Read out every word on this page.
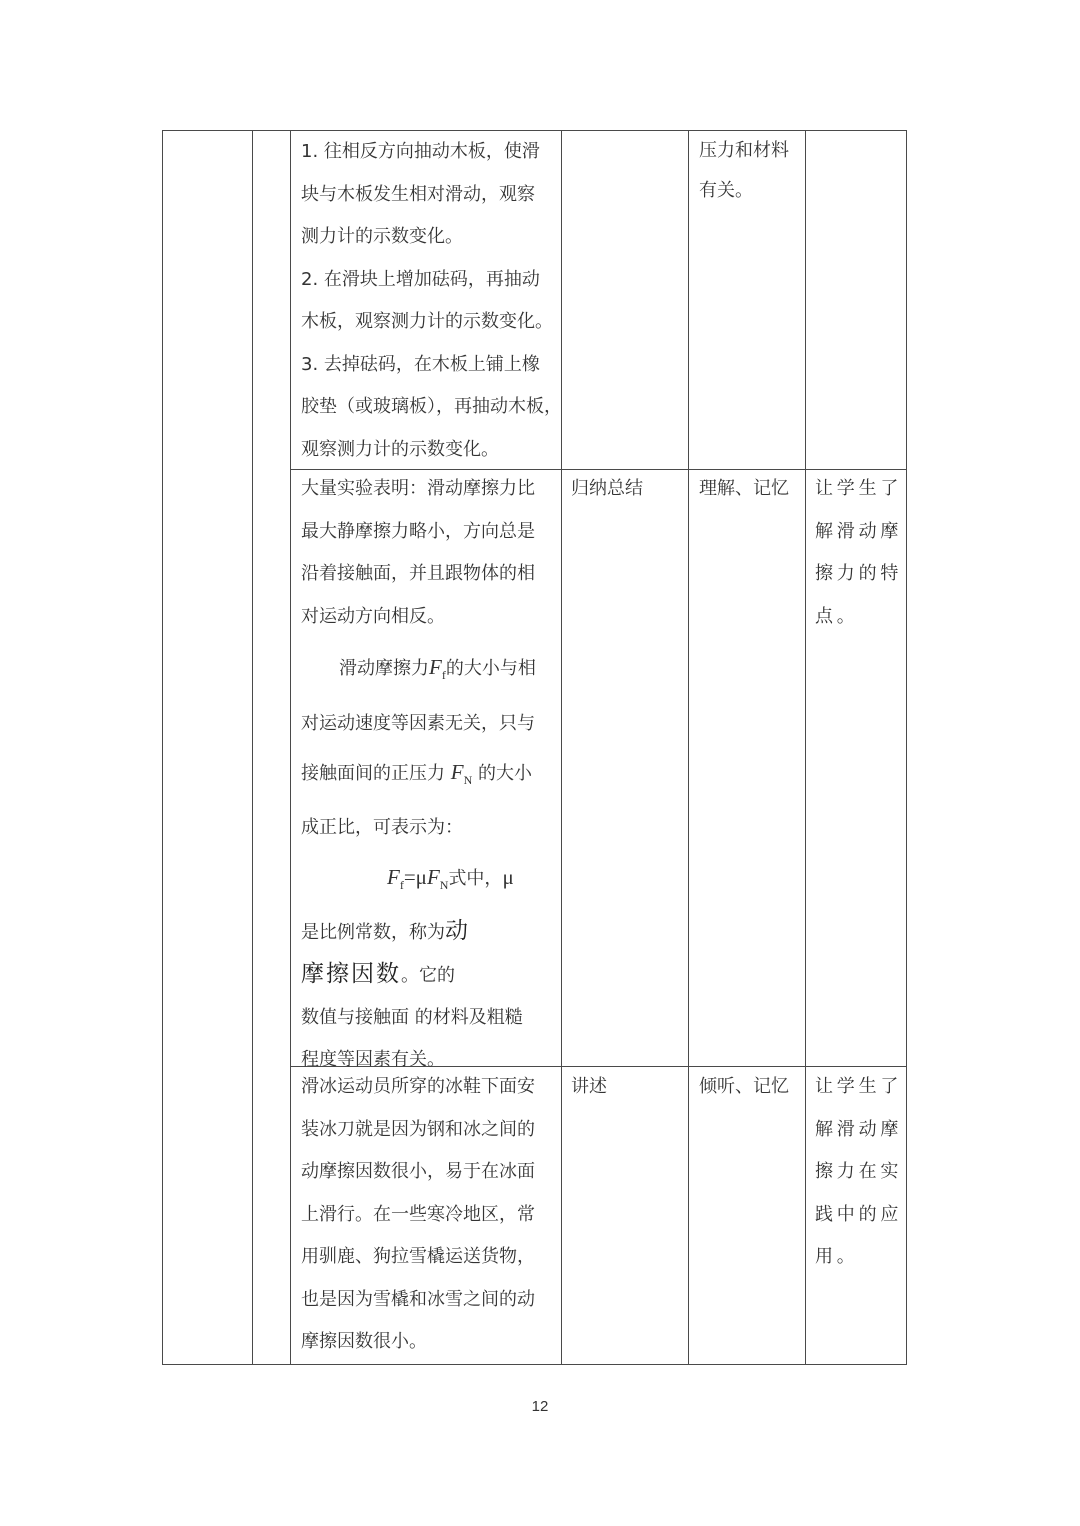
1. 往相反方向抽动木板，使滑
块与木板发生相对滑动，观察
测力计的示数变化。
2. 在滑块上增加砝码，再抽动
木板，观察测力计的示数变化。
3. 去掉砝码，在木板上铺上橡
胶垫（或玻璃板），再抽动木板，
观察测力计的示数变化。
压力和材料
有关。
大量实验表明：滑动摩擦力比
最大静摩擦力略小，方向总是
沿着接触面，并且跟物体的相
对运动方向相反。
滑动摩擦力$F_f$的大小与相
对运动速度等因素无关，只与
接触面间的正压力 $F_N$ 的大小
成正比，可表示为：
$F_f=\mu F_N$式中，μ
是比例常数，称为动
摩擦因数。它的
数值与接触面 的材料及粗糙
程度等因素有关。
归纳总结	理解、记忆 让学生了
解滑动摩
擦力的特
点。
滑冰运动员所穿的冰鞋下面安
装冰刀就是因为钢和冰之间的
动摩擦因数很小，易于在冰面
上滑行。在一些寒冷地区，常
用驯鹿、狗拉雪橇运送货物，
也是因为雪橇和冰雪之间的动
摩擦因数很小。
讲述	倾听、记忆 让学生了
解滑动摩
擦力在实
践中的应
用。
12
